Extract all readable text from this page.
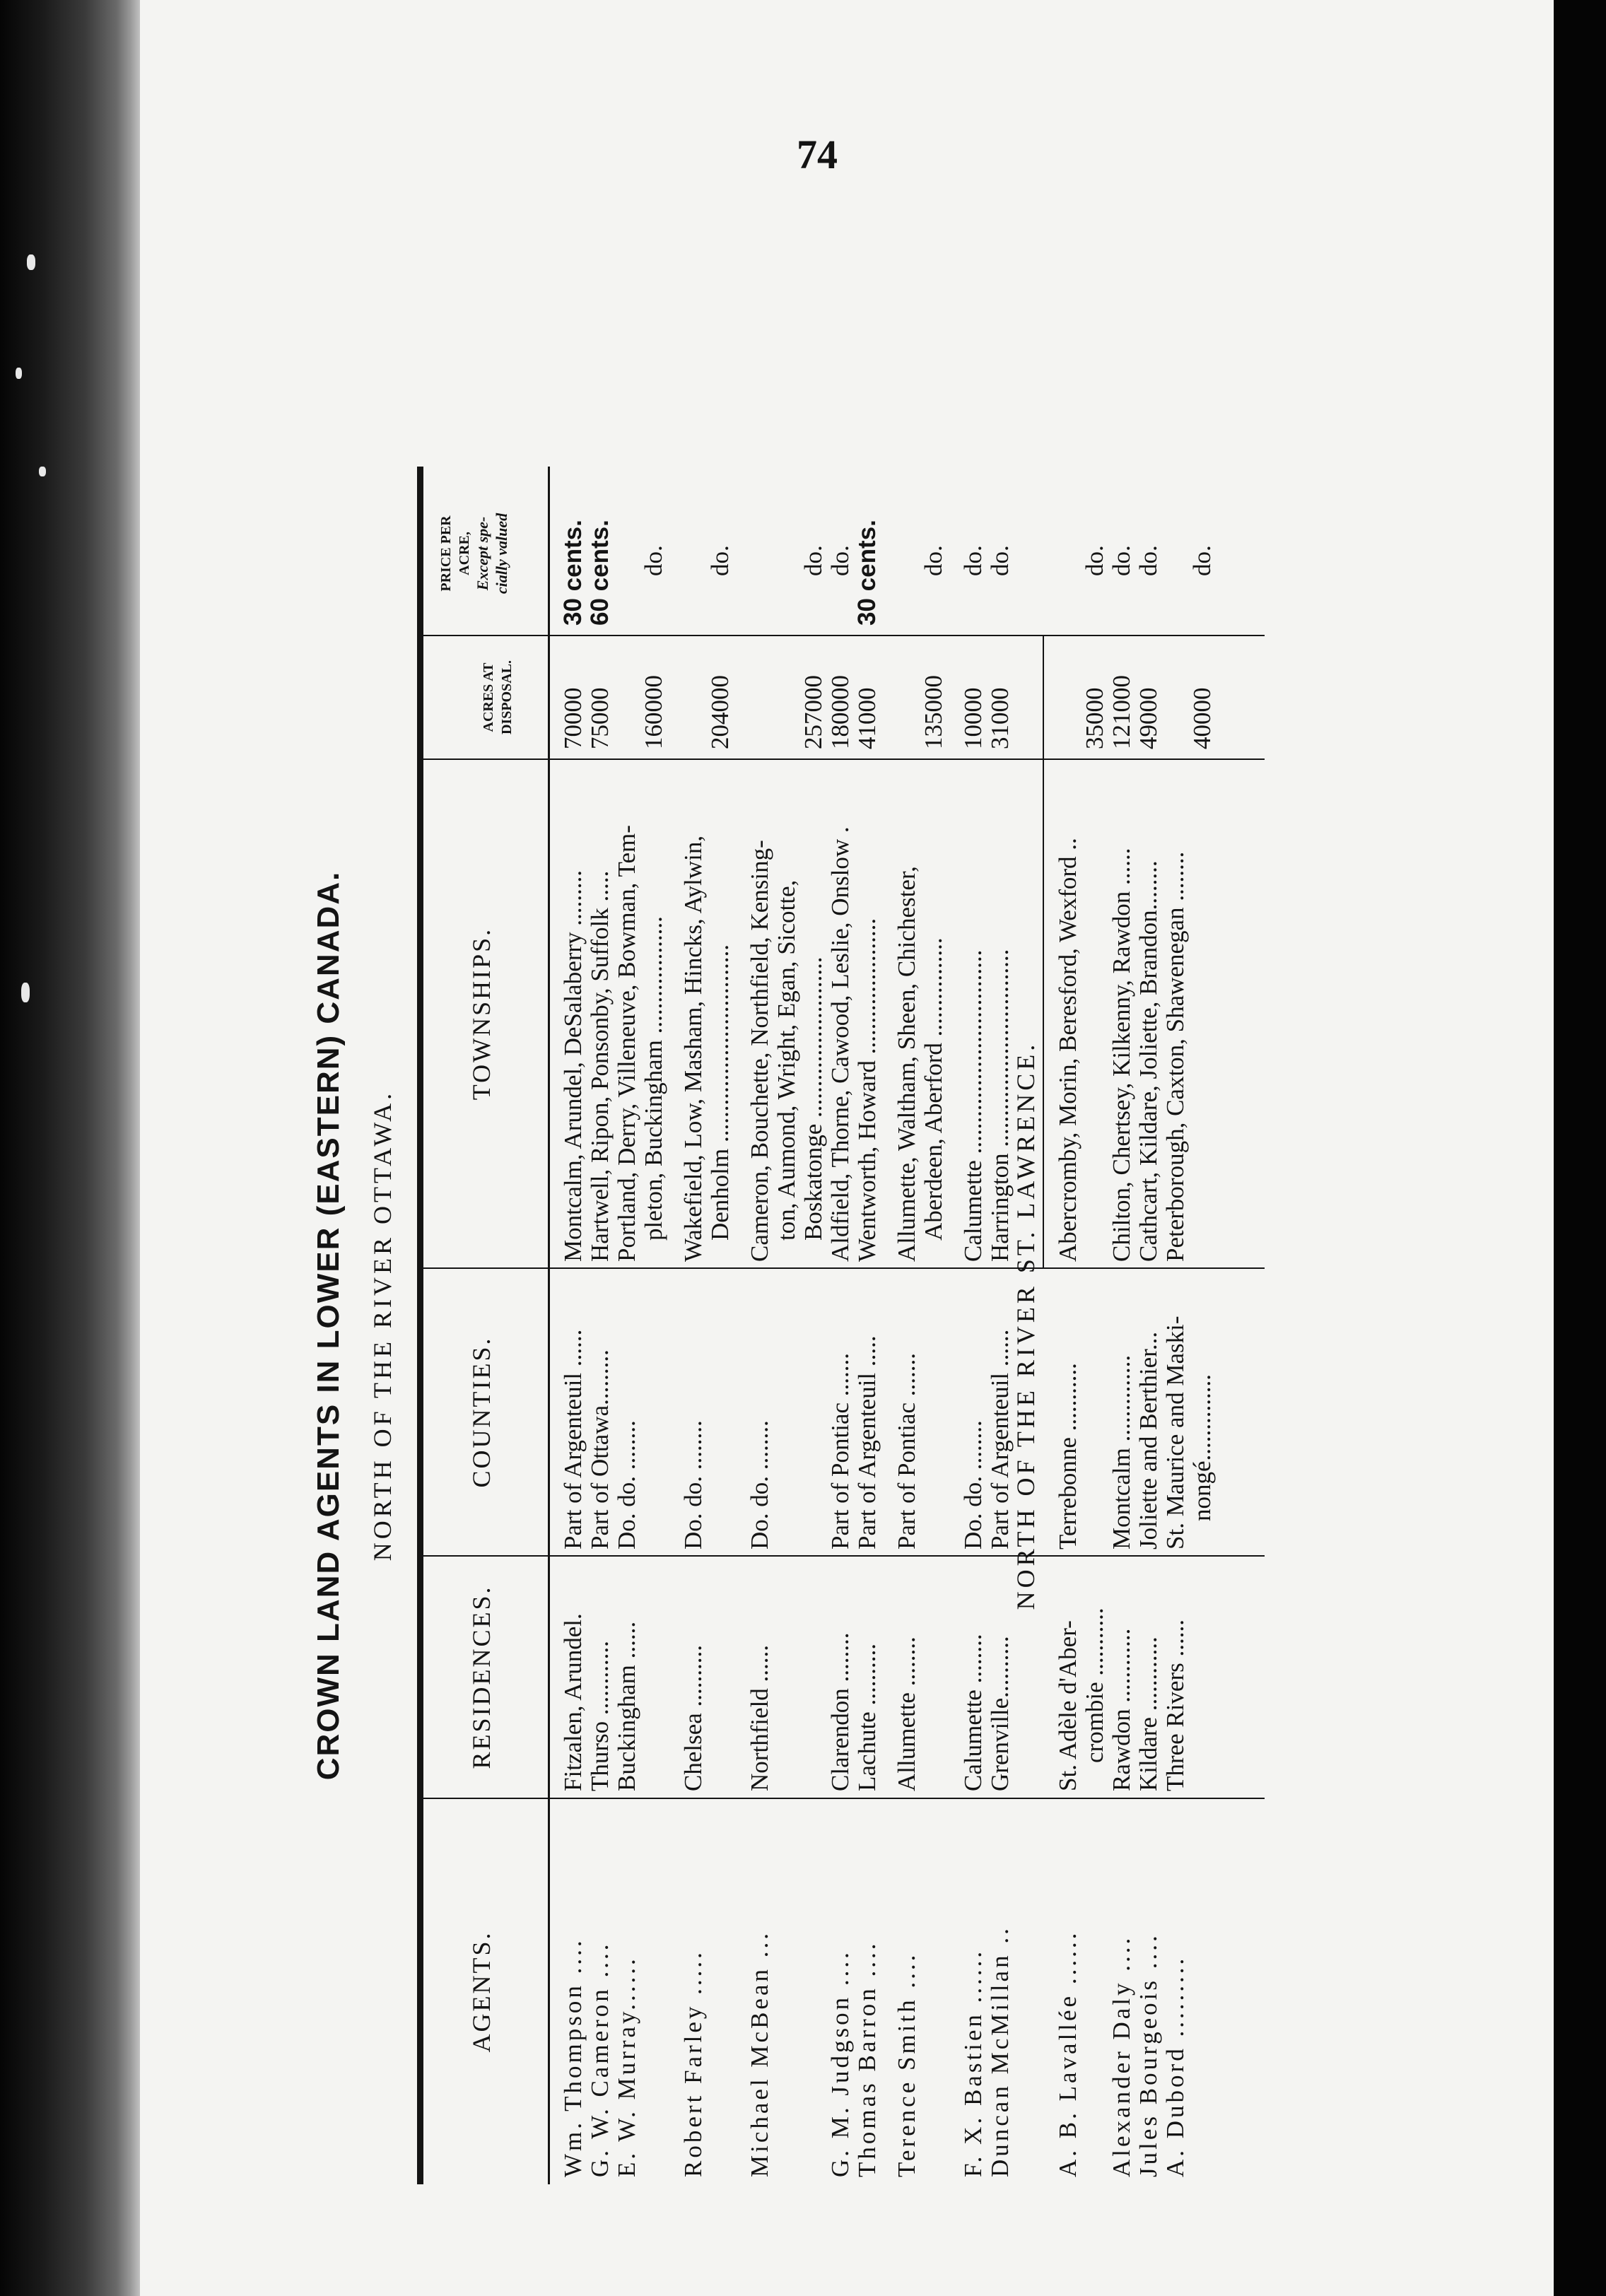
74
CROWN LAND AGENTS IN LOWER (EASTERN) CANADA. NORTH OF THE RIVER OTTAWA.
AGENTS.
RESIDENCES.
COUNTIES.
TOWNSHIPS.
ACRES AT DISPOSAL.
PRICE PER ACRE, Except spe- cially valued
Wm. Thompson ....
Fitzalen, Arundel.
Part of Argenteuil ......
Montcalm, Arundel, DeSalaberry .........
70000
30 cents.
G. W. Cameron ....
Thurso ............
Part of Ottawa.........
Hartwell, Ripon, Ponsonby, Suffolk .....
75000
60 cents.
E. W. Murray......
Buckingham ......
Do. do. ........
Portland, Derry, Villeneuve, Bowman, Tem- pleton, Buckingham ...................
160000
do.
Robert Farley .....
Chelsea ..........
Do. do. ........
Wakefield, Low, Masham, Hincks, Aylwin, Denholm ................................
204000
do.
Michael McBean ...
Northfield ......
Do. do. ........
Cameron, Bouchette, Northfield, Kensing- ton, Aumond, Wright, Egan, Sicotte, Boskatonge ..........................
257000
do.
G. M. Judgson ....
Clarendon ........
Part of Pontiac .......
Aldfield, Thorne, Cawood, Leslie, Onslow .
180000
do.
Thomas Barron ....
Lachute ..........
Part of Argenteuil .....
Wentworth, Howard ......................
41000
30 cents.
Terence Smith ....
Allumette ........
Part of Pontiac .......
Allumette, Waltham, Sheen, Chichester, Aberdeen, Aberford ................
135000
do.
F. X. Bastien ......
Calumette ........
Do. do. ........
Calumette .................................
10000
do.
Duncan McMillan ..
Grenville..........
Part of Argenteuil ......
Harrington ................................
31000
do.
NORTH OF THE RIVER ST. LAWRENCE.
A. B. Lavallée ......
St. Adèle d'Aber- crombie ...........
Terrebonne ...........
Abercromby, Morin, Beresford, Wexford ..
35000
do.
Alexander Daly ....
Rawdon ............
Montcalm ..............
Chilton, Chertsey, Kilkenny, Rawdon ......
121000
do.
Jules Bourgeois ....
Kildare ............
Joliette and Berthier...
Cathcart, Kildare, Joliette, Brandon........
49000
do.
A. Dubord .........
Three Rivers ......
St. Maurice and Maski- nongé..............
Peterborough, Caxton, Shawenegan ........
40000
do.
